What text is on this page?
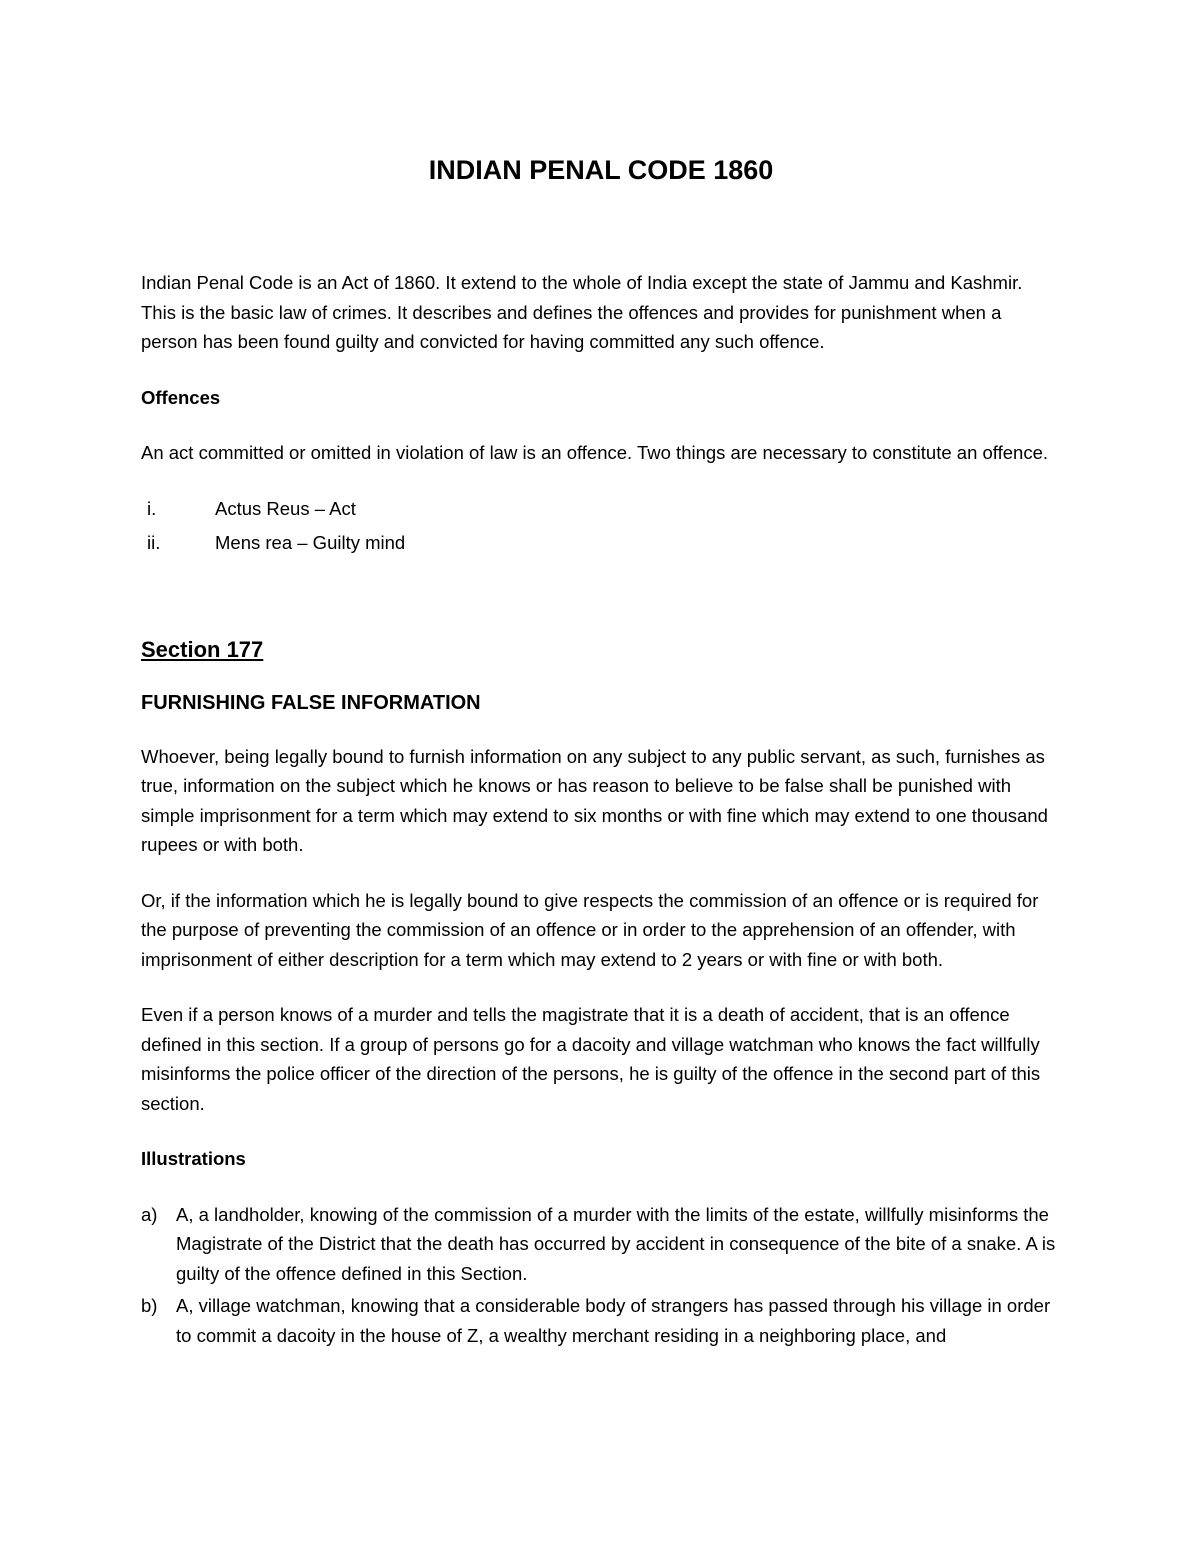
INDIAN PENAL CODE 1860

Indian Penal Code is an Act of 1860. It extend to the whole of India except the state of Jammu and Kashmir. This is the basic law of crimes. It describes and defines the offences and provides for punishment when a person has been found guilty and convicted for having committed any such offence.

Offences

An act committed or omitted in violation of law is an offence. Two things are necessary to constitute an offence.

i.	Actus Reus – Act
ii.	Mens rea – Guilty mind
Section 177
FURNISHING FALSE INFORMATION

Whoever, being legally bound to furnish information on any subject to any public servant, as such, furnishes as true, information on the subject which he knows or has reason to believe to be false shall be punished with simple imprisonment for a term which may extend to six months or with fine which may extend to one thousand rupees or with both.

Or, if the information which he is legally bound to give respects the commission of an offence or is required for the purpose of preventing the commission of an offence or in order to the apprehension of an offender, with imprisonment of either description for a term which may extend to 2 years or with fine or with both.

Even if a person knows of a murder and tells the magistrate that it is a death of accident, that is an offence defined in this section. If a group of persons go for a dacoity and village watchman who knows the fact willfully misinforms the police officer of the direction of the persons, he is guilty of the offence in the second part of this section.

Illustrations
a) A, a landholder, knowing of the commission of a murder with the limits of the estate, willfully misinforms the Magistrate of the District that the death has occurred by accident in consequence of the bite of a snake. A is guilty of the offence defined in this Section.
b) A, village watchman, knowing that a considerable body of strangers has passed through his village in order to commit a dacoity in the house of Z, a wealthy merchant residing in a neighboring place, and
